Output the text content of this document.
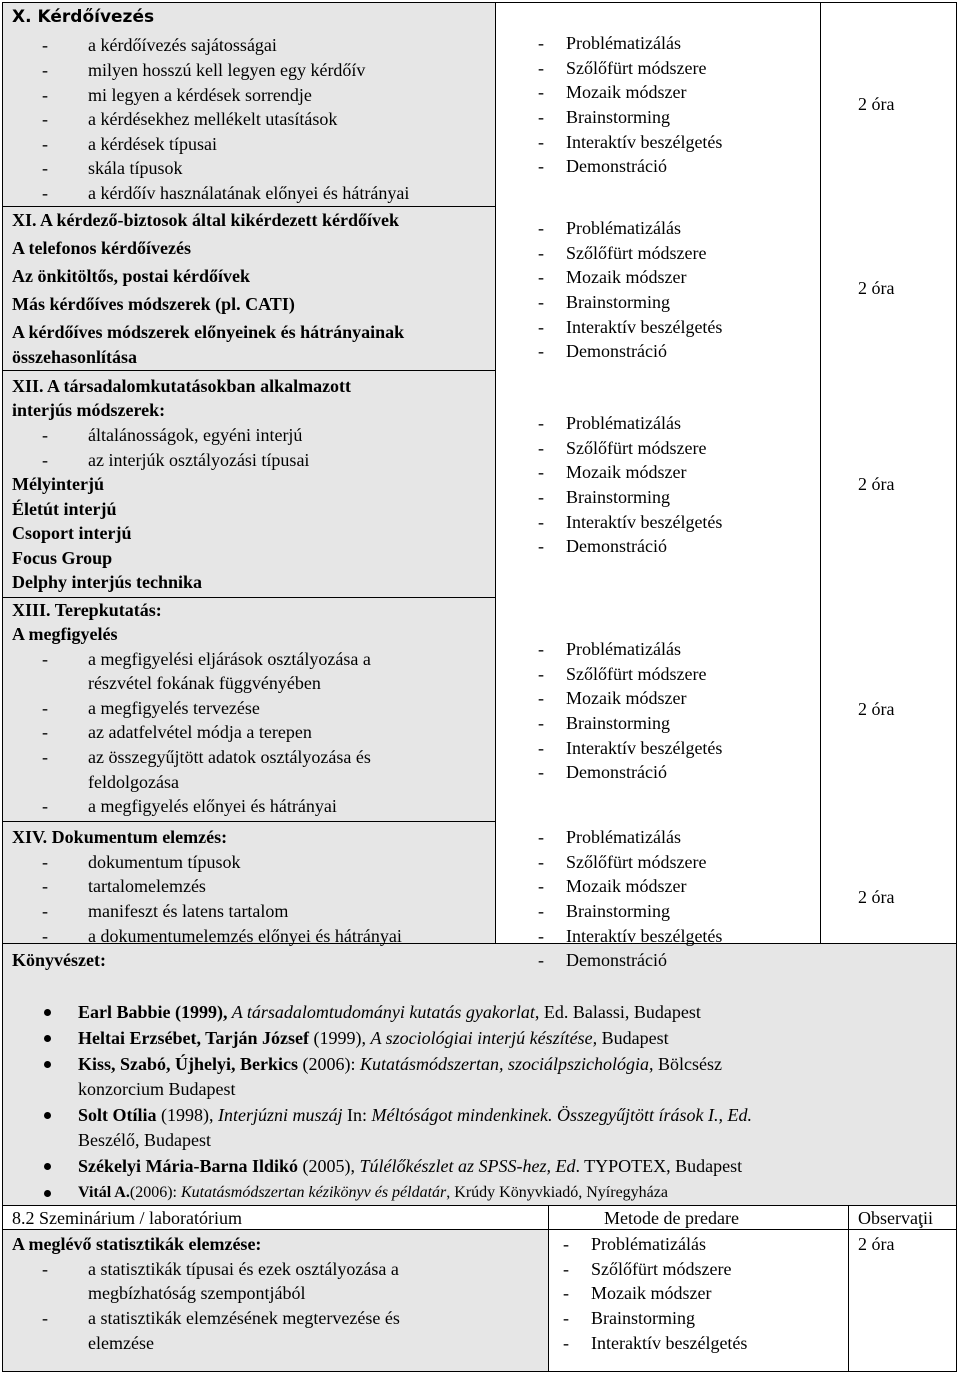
X. Kérdőívezés
- a kérdőívezés sajátosságai
- milyen hosszú kell legyen egy kérdőív
- mi legyen a kérdések sorrendje
- a kérdésekhez mellékelt utasítások
- a kérdések típusai
- skála típusok
- a kérdőív használatának előnyei és hátrányai
- Problématizálás
- Szőlőfürt módszere
- Mozaik módszer
- Brainstorming
- Interaktív beszélgetés
- Demonstráció
2 óra
XI. A kérdező-biztosok által kikérdezett kérdőívek
A telefonos kérdőívezés
Az önkitöltős, postai kérdőívek
Más kérdőíves módszerek (pl. CATI)
A kérdőíves módszerek előnyeinek és hátrányainak
összehasonlítása
- Problématizálás
- Szőlőfürt módszere
- Mozaik módszer
- Brainstorming
- Interaktív beszélgetés
- Demonstráció
2 óra
XII. A társadalomkutatásokban alkalmazott
interjús módszerek:
- általánosságok, egyéni interjú
- az interjúk osztályozási típusai
Mélyinterjú
Életút interjú
Csoport interjú
Focus Group
Delphy interjús technika
- Problématizálás
- Szőlőfürt módszere
- Mozaik módszer
- Brainstorming
- Interaktív beszélgetés
- Demonstráció
2 óra
XIII. Terepkutatás:
A megfigyelés
- a megfigyelési eljárások osztályozása a
részvétel fokának függvényében
- a megfigyelés tervezése
- az adatfelvétel módja a terepen
- az összegyűjtött adatok osztályozása és
feldolgozása
- a megfigyelés előnyei és hátrányai
- Problématizálás
- Szőlőfürt módszere
- Mozaik módszer
- Brainstorming
- Interaktív beszélgetés
- Demonstráció
2 óra
XIV. Dokumentum elemzés:
- dokumentum típusok
- tartalomelemzés
- manifeszt és latens tartalom
- a dokumentumelemzés előnyei és hátrányai
- Problématizálás
- Szőlőfürt módszere
- Mozaik módszer
- Brainstorming
- Interaktív beszélgetés
- Demonstráció
2 óra
Könyvészet:
Earl Babbie (1999), A társadalomtudományi kutatás gyakorlat, Ed. Balassi, Budapest
Heltai Erzsébet, Tarján József (1999), A szociológiai interjú készítése, Budapest
Kiss, Szabó, Újhelyi, Berkics (2006): Kutatásmódszertan, szociálpszichológia, Bölcsész
konzorcium Budapest
Solt Otília (1998), Interjúzni muszáj In: Méltóságot mindenkinek. Összegyűjtött írások I., Ed.
Beszélő, Budapest
Székelyi Mária-Barna Ildikó (2005), Túlélőkészlet az SPSS-hez, Ed. TYPOTEX, Budapest
Vitál A.(2006): Kutatásmódszertan kézikönyv és példatár, Krúdy Könyvkiadó, Nyíregyháza
8.2 Szeminárium / laboratórium	Metode de predare	Observaţii
A meglévő statisztikák elemzése:
- a statisztikák típusai és ezek osztályozása a
megbízhatóság szempontjából
- a statisztikák elemzésének megtervezése és
elemzése
- Problématizálás
- Szőlőfürt módszere
- Mozaik módszer
- Brainstorming
- Interaktív beszélgetés
2 óra
